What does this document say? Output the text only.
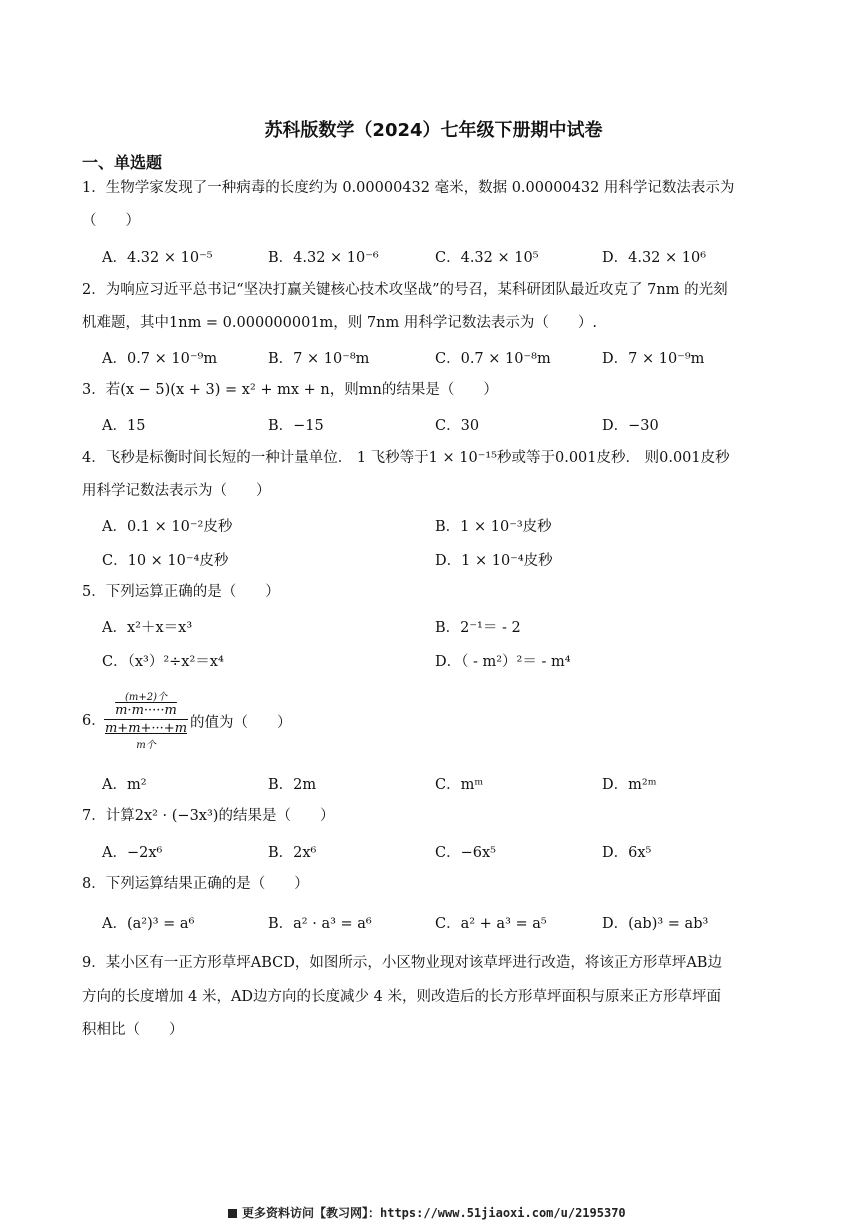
苏科版数学（2024）七年级下册期中试卷
一、单选题
1．生物学家发现了一种病毒的长度约为 0.00000432 毫米，数据 0.00000432 用科学记数法表示为
（　　）
A．4.32 × 10⁻⁵	B．4.32 × 10⁻⁶	C．4.32 × 10⁵	D．4.32 × 10⁶
2．为响应习近平总书记“坚决打赢关键核心技术攻坚战”的号召，某科研团队最近攻克了 7nm 的光刻
机难题，其中1nm = 0.000000001m，则 7nm 用科学记数法表示为（　　）.
A．0.7 × 10⁻⁹m	B．7 × 10⁻⁸m	C．0.7 × 10⁻⁸m	D．7 × 10⁻⁹m
3．若(x − 5)(x + 3) = x² + mx + n，则mn的结果是（　　）
A．15	B．−15	C．30	D．−30
4．飞秒是标衡时间长短的一种计量单位． 1 飞秒等于1 × 10⁻¹⁵秒或等于0.001皮秒． 则0.001皮秒
用科学记数法表示为（　　）
A．0.1 × 10⁻²皮秒	B．1 × 10⁻³皮秒
C．10 × 10⁻⁴皮秒	D．1 × 10⁻⁴皮秒
5．下列运算正确的是（　　）
A．x²＋x＝x³	B．2⁻¹＝ - 2
C．（x³）²÷x²＝x⁴	D．（ - m²）²＝ - m⁴
6．
(m+2)个
m·m·····m
m+m+···+m
m个
的值为（　　）
A．m²	B．2m	C．mᵐ	D．m²ᵐ
7．计算2x² · (−3x³)的结果是（　　）
A．−2x⁶	B．2x⁶	C．−6x⁵	D．6x⁵
8．下列运算结果正确的是（　　）
A．(a²)³ = a⁶	B．a² · a³ = a⁶	C．a² + a³ = a⁵	D．(ab)³ = ab³
9．某小区有一正方形草坪ABCD，如图所示，小区物业现对该草坪进行改造，将该正方形草坪AB边
方向的长度增加 4 米，AD边方向的长度减少 4 米，则改造后的长方形草坪面积与原来正方形草坪面
积相比（　　）
更多资料访问【教习网】：https://www.51jiaoxi.com/u/2195370
